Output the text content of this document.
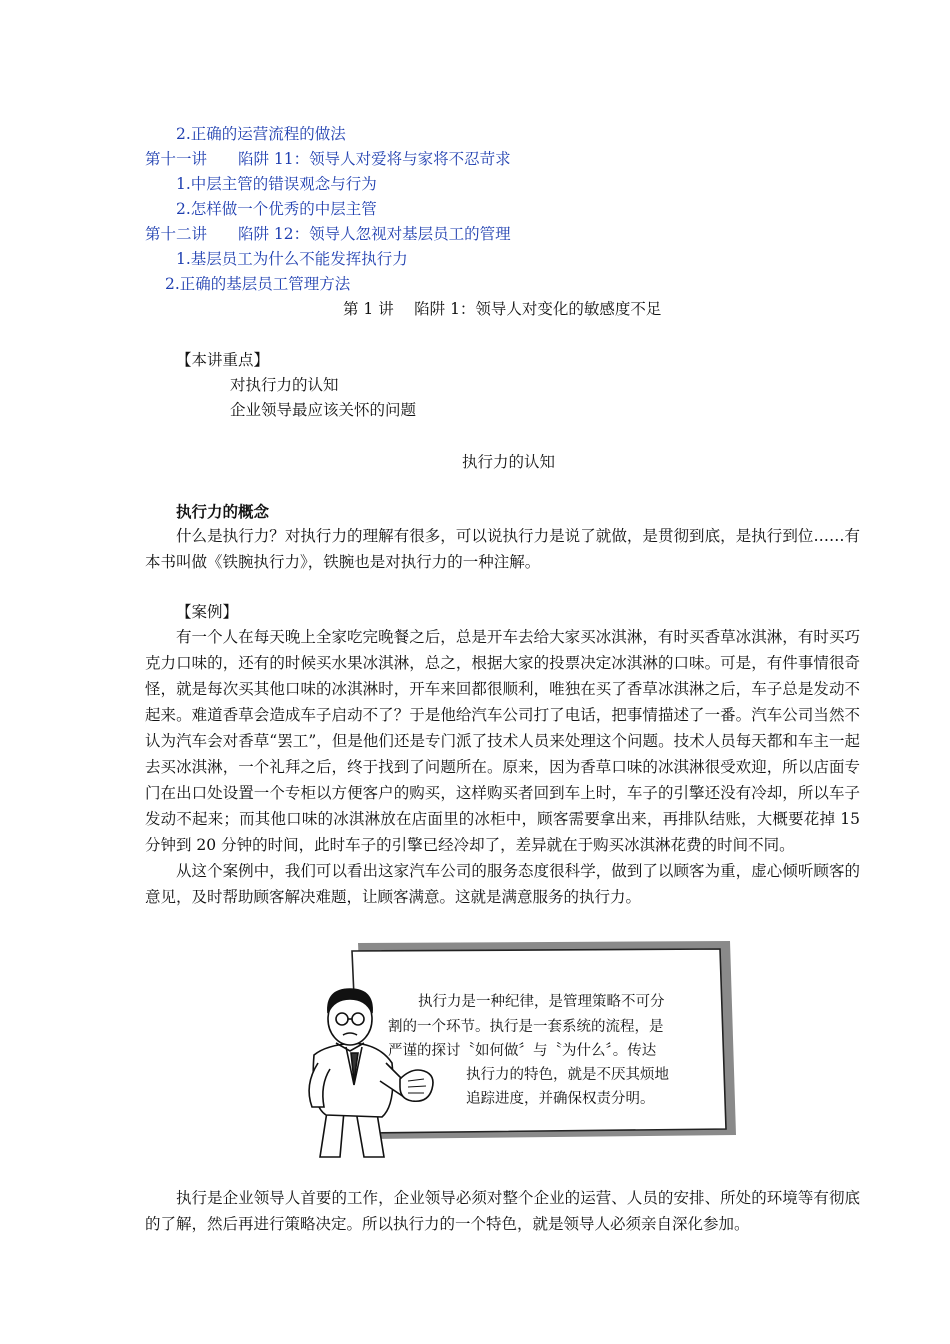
2.正确的运营流程的做法
第十一讲　　陷阱 11：领导人对爱将与家将不忍苛求
1.中层主管的错误观念与行为
2.怎样做一个优秀的中层主管
第十二讲　　陷阱 12：领导人忽视对基层员工的管理
1.基层员工为什么不能发挥执行力
2.正确的基层员工管理方法
第 1 讲　 陷阱 1：领导人对变化的敏感度不足
【本讲重点】
对执行力的认知
企业领导最应该关怀的问题
执行力的认知
执行力的概念

什么是执行力？对执行力的理解有很多，可以说执行力是说了就做，是贯彻到底，是执行到位……有本书叫做《铁腕执行力》，铁腕也是对执行力的一种注解。

【案例】

有一个人在每天晚上全家吃完晚餐之后，总是开车去给大家买冰淇淋，有时买香草冰淇淋，有时买巧克力口味的，还有的时候买水果冰淇淋，总之，根据大家的投票决定冰淇淋的口味。可是，有件事情很奇怪，就是每次买其他口味的冰淇淋时，开车来回都很顺利，唯独在买了香草冰淇淋之后，车子总是发动不起来。难道香草会造成车子启动不了？于是他给汽车公司打了电话，把事情描述了一番。汽车公司当然不认为汽车会对香草“罢工”，但是他们还是专门派了技术人员来处理这个问题。技术人员每天都和车主一起去买冰淇淋，一个礼拜之后，终于找到了问题所在。原来，因为香草口味的冰淇淋很受欢迎，所以店面专门在出口处设置一个专柜以方便客户的购买，这样购买者回到车上时，车子的引擎还没有冷却，所以车子发动不起来；而其他口味的冰淇淋放在店面里的冰柜中，顾客需要拿出来，再排队结账，大概要花掉 15 分钟到 20 分钟的时间，此时车子的引擎已经冷却了，差异就在于购买冰淇淋花费的时间不同。

从这个案例中，我们可以看出这家汽车公司的服务态度很科学，做到了以顾客为重，虚心倾听顾客的意见，及时帮助顾客解决难题，让顾客满意。这就是满意服务的执行力。

执行力是一种纪律，是管理策略不可分
割的一个环节。执行是一套系统的流程，是
严谨的探讨〝如何做〞与〝为什么〞。传达
执行力的特色，就是不厌其烦地
追踪进度，并确保权责分明。

执行是企业领导人首要的工作，企业领导必须对整个企业的运营、人员的安排、所处的环境等有彻底的了解，然后再进行策略决定。所以执行力的一个特色，就是领导人必须亲自深化参加。
